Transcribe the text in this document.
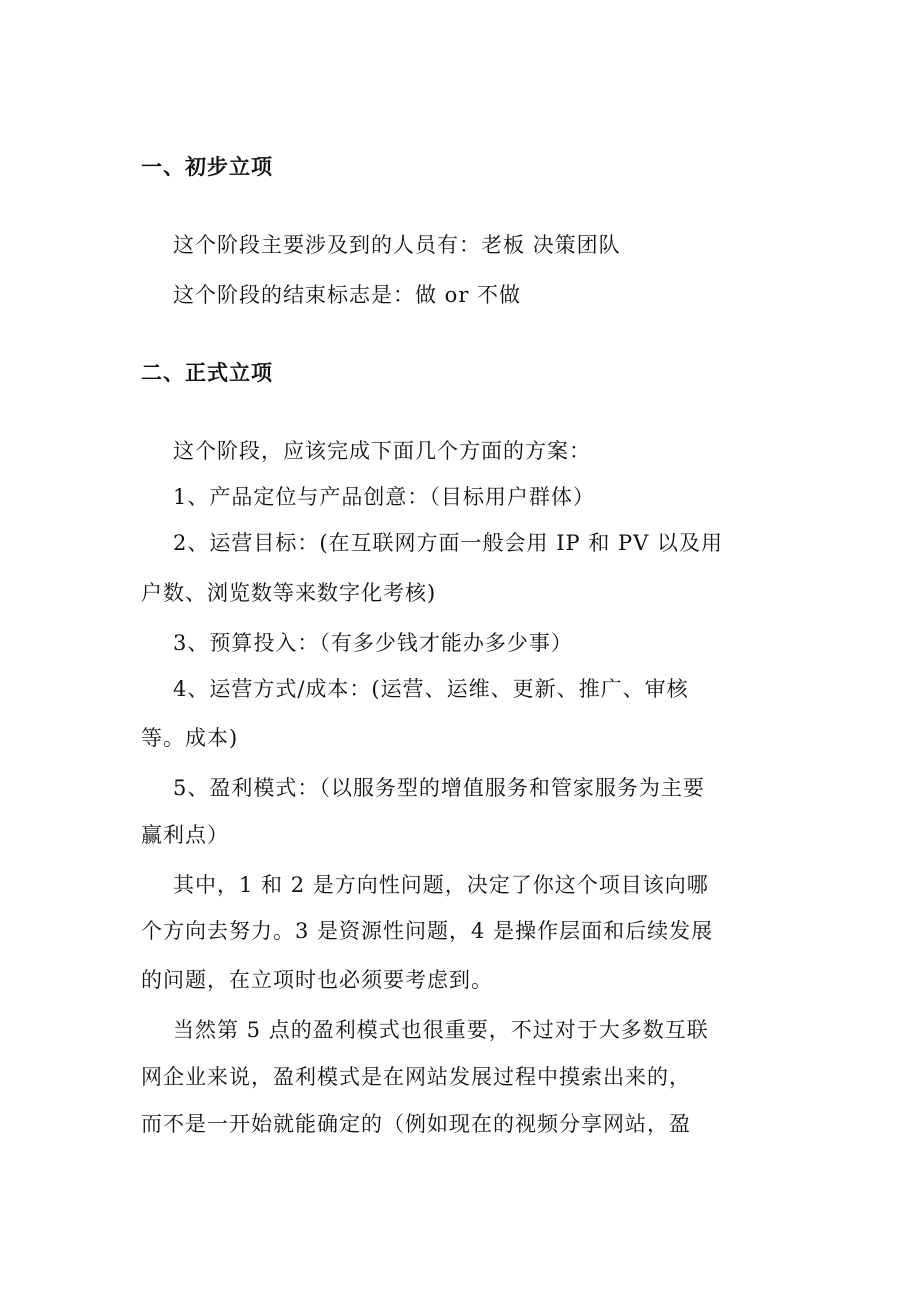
一、初步立项
这个阶段主要涉及到的人员有：老板 决策团队
这个阶段的结束标志是：做 or 不做
二、正式立项
这个阶段，应该完成下面几个方面的方案：
1、产品定位与产品创意：（目标用户群体）
2、运营目标：(在互联网方面一般会用 IP 和 PV 以及用
户数、浏览数等来数字化考核)
3、预算投入：（有多少钱才能办多少事）
4、运营方式/成本：(运营、运维、更新、推广、审核
等。成本)
5、盈利模式：（以服务型的增值服务和管家服务为主要
赢利点）
其中，1 和 2 是方向性问题，决定了你这个项目该向哪
个方向去努力。3 是资源性问题，4 是操作层面和后续发展
的问题，在立项时也必须要考虑到。
当然第 5 点的盈利模式也很重要，不过对于大多数互联
网企业来说，盈利模式是在网站发展过程中摸索出来的，
而不是一开始就能确定的（例如现在的视频分享网站，盈
